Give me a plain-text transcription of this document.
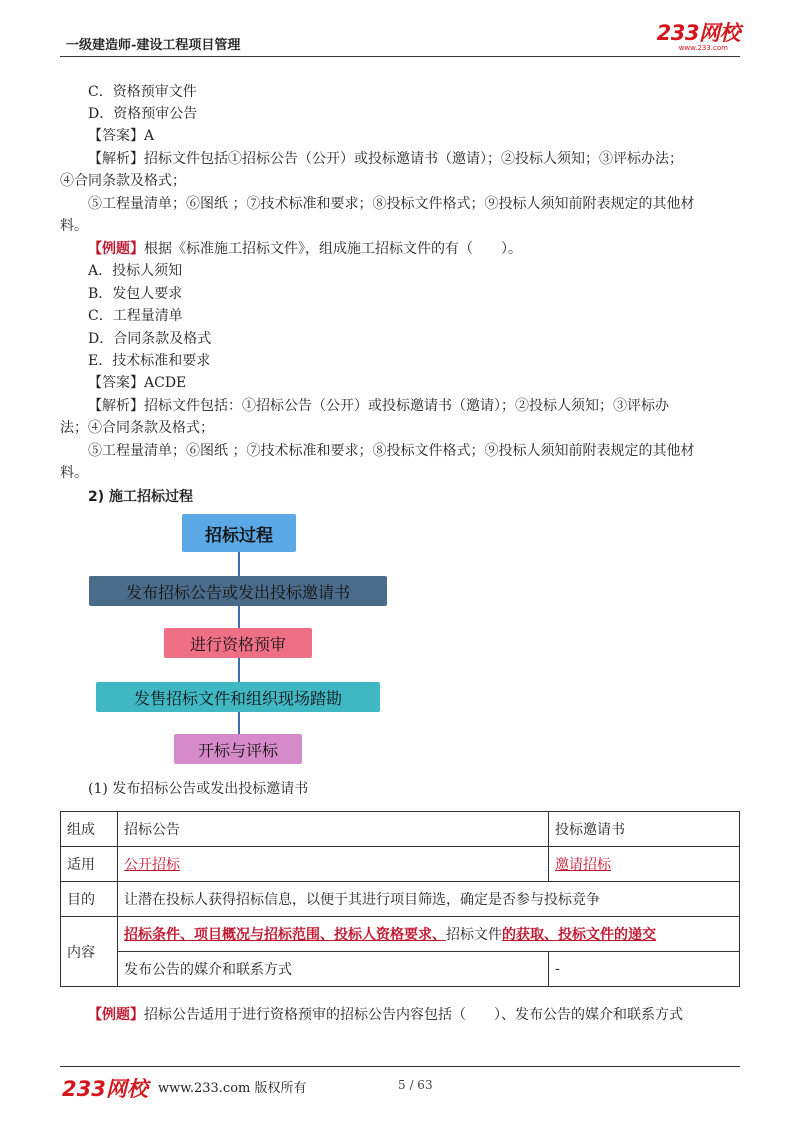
一级建造师-建设工程项目管理
233网校
www.233.com
C．资格预审文件
D．资格预审公告
【答案】A
【解析】招标文件包括①招标公告（公开）或投标邀请书（邀请）；②投标人须知；③评标办法；
④合同条款及格式；
⑤工程量清单；⑥图纸 ；⑦技术标准和要求；⑧投标文件格式；⑨投标人须知前附表规定的其他材
料。
【例题】根据《标准施工招标文件》，组成施工招标文件的有（　　）。
A．投标人须知
B．发包人要求
C．工程量清单
D．合同条款及格式
E．技术标准和要求
【答案】ACDE
【解析】招标文件包括：①招标公告（公开）或投标邀请书（邀请）；②投标人须知；③评标办
法；④合同条款及格式；
⑤工程量清单；⑥图纸 ；⑦技术标准和要求；⑧投标文件格式；⑨投标人须知前附表规定的其他材
料。
2) 施工招标过程
招标过程
发布招标公告或发出投标邀请书
进行资格预审
发售招标文件和组织现场踏勘
开标与评标
(1) 发布招标公告或发出投标邀请书
组成	招标公告	投标邀请书
适用	公开招标	邀请招标
目的	让潜在投标人获得招标信息，以便于其进行项目筛选，确定是否参与投标竞争	
内容	招标条件、项目概况与招标范围、投标人资格要求、招标文件的获取、投标文件的递交	
	发布公告的媒介和联系方式	-
【例题】招标公告适用于进行资格预审的招标公告内容包括（　　）、发布公告的媒介和联系方式
233网校 www.233.com 版权所有	5 / 63
